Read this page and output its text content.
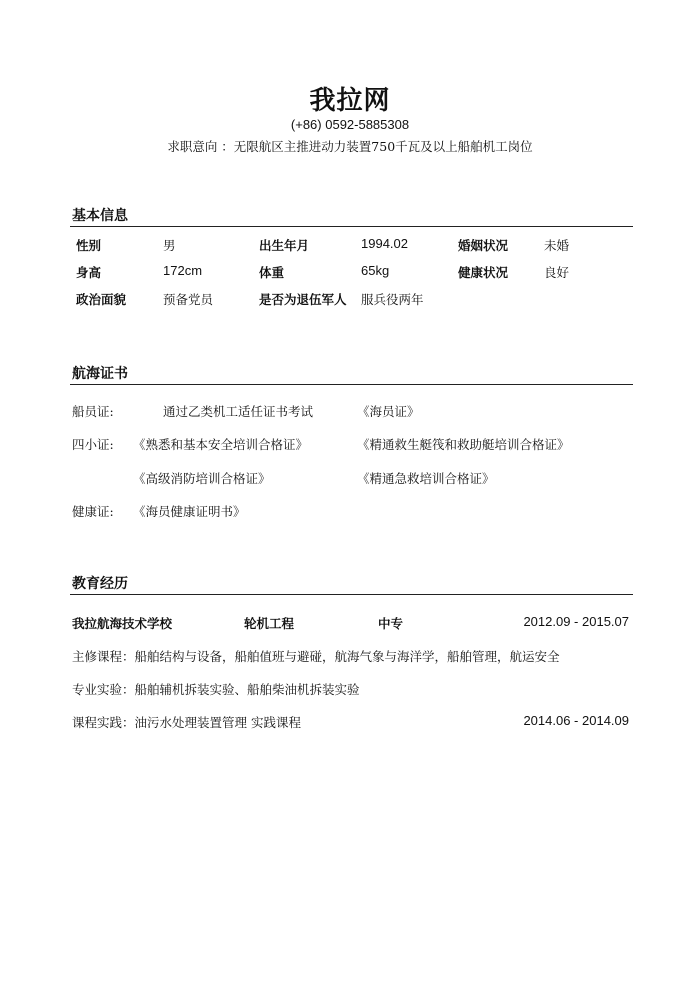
我拉网
(+86) 0592-5885308
求职意向 ：无限航区主推进动力装置750千瓦及以上船舶机工岗位
基本信息
性别	男	出生年月	1994.02	婚姻状况	未婚
身高	172cm	体重	65kg	健康状况	良好
政治面貌	预备党员	是否为退伍军人 服兵役两年
航海证书
船员证:	通过乙类机工适任证书考试	《海员证》
四小证: 《熟悉和基本安全培训合格证》	《精通救生艇筏和救助艇培训合格证》
《高级消防培训合格证》	《精通急救培训合格证》
健康证: 《海员健康证明书》
教育经历
我拉航海技术学校	轮机工程	中专	2012.09 - 2015.07
主修课程：船舶结构与设备，船舶值班与避碰，航海气象与海洋学，船舶管理，航运安全
专业实验：船舶辅机拆装实验、船舶柴油机拆装实验
课程实践：油污水处理装置管理 实践课程	2014.06 - 2014.09
